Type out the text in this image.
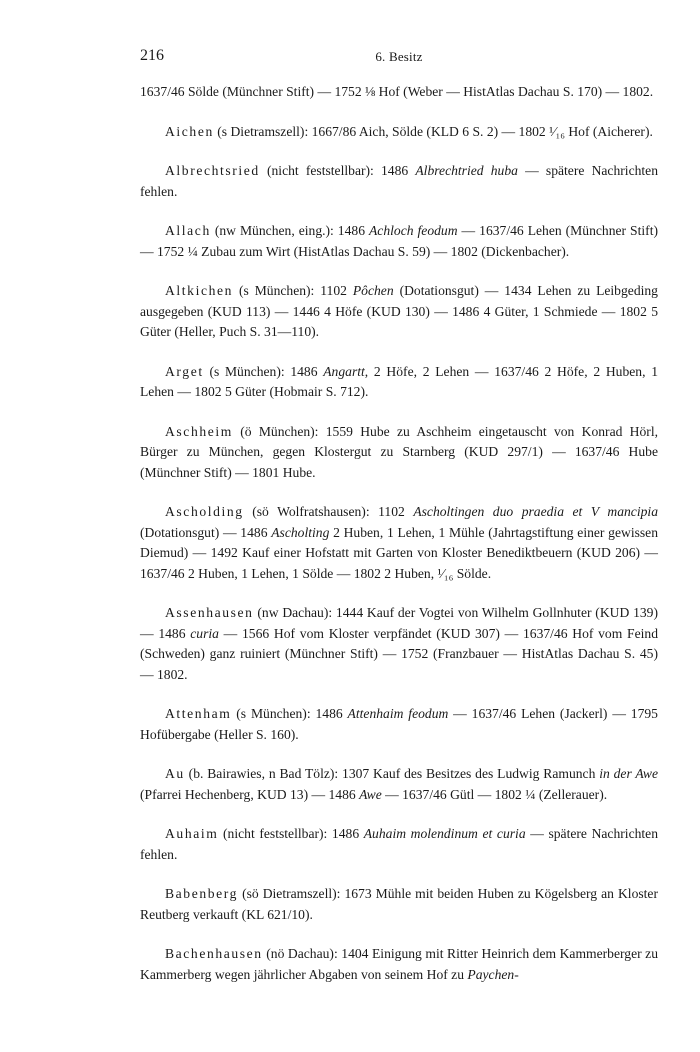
216	6. Besitz

1637/46 Sölde (Münchner Stift) — 1752 ⅛ Hof (Weber — HistAtlas Dachau S. 170) — 1802.

Aichen (s Dietramszell): 1667/86 Aich, Sölde (KLD 6 S. 2) — 1802 ¹⁄₁₆ Hof (Aicherer).

Albrechtsried (nicht feststellbar): 1486 Albrechtried huba — spätere Nachrichten fehlen.

Allach (nw München, eing.): 1486 Achloch feodum — 1637/46 Lehen (Münchner Stift) — 1752 ¼ Zubau zum Wirt (HistAtlas Dachau S. 59) — 1802 (Dickenbacher).

Altkichen (s München): 1102 Pôchen (Dotationsgut) — 1434 Lehen zu Leibgeding ausgegeben (KUD 113) — 1446 4 Höfe (KUD 130) — 1486 4 Güter, 1 Schmiede — 1802 5 Güter (Heller, Puch S. 31—110).

Arget (s München): 1486 Angartt, 2 Höfe, 2 Lehen — 1637/46 2 Höfe, 2 Huben, 1 Lehen — 1802 5 Güter (Hobmair S. 712).

Aschheim (ö München): 1559 Hube zu Aschheim eingetauscht von Konrad Hörl, Bürger zu München, gegen Klostergut zu Starnberg (KUD 297/1) — 1637/46 Hube (Münchner Stift) — 1801 Hube.

Ascholding (sö Wolfratshausen): 1102 Ascholtingen duo praedia et V mancipia (Dotationsgut) — 1486 Ascholting 2 Huben, 1 Lehen, 1 Mühle (Jahrtagstiftung einer gewissen Diemud) — 1492 Kauf einer Hofstatt mit Garten von Kloster Benediktbeuern (KUD 206) — 1637/46 2 Huben, 1 Lehen, 1 Sölde — 1802 2 Huben, ¹⁄₁₆ Sölde.

Assenhausen (nw Dachau): 1444 Kauf der Vogtei von Wilhelm Gollnhuter (KUD 139) — 1486 curia — 1566 Hof vom Kloster verpfändet (KUD 307) — 1637/46 Hof vom Feind (Schweden) ganz ruiniert (Münchner Stift) — 1752 (Franzbauer — HistAtlas Dachau S. 45) — 1802.

Attenham (s München): 1486 Attenhaim feodum — 1637/46 Lehen (Jackerl) — 1795 Hofübergabe (Heller S. 160).

Au (b. Bairawies, n Bad Tölz): 1307 Kauf des Besitzes des Ludwig Ramunch in der Awe (Pfarrei Hechenberg, KUD 13) — 1486 Awe — 1637/46 Gütl — 1802 ¼ (Zellerauer).

Auhaim (nicht feststellbar): 1486 Auhaim molendinum et curia — spätere Nachrichten fehlen.

Babenberg (sö Dietramszell): 1673 Mühle mit beiden Huben zu Kögelsberg an Kloster Reutberg verkauft (KL 621/10).

Bachenhausen (nö Dachau): 1404 Einigung mit Ritter Heinrich dem Kammerberger zu Kammerberg wegen jährlicher Abgaben von seinem Hof zu Paychen-
